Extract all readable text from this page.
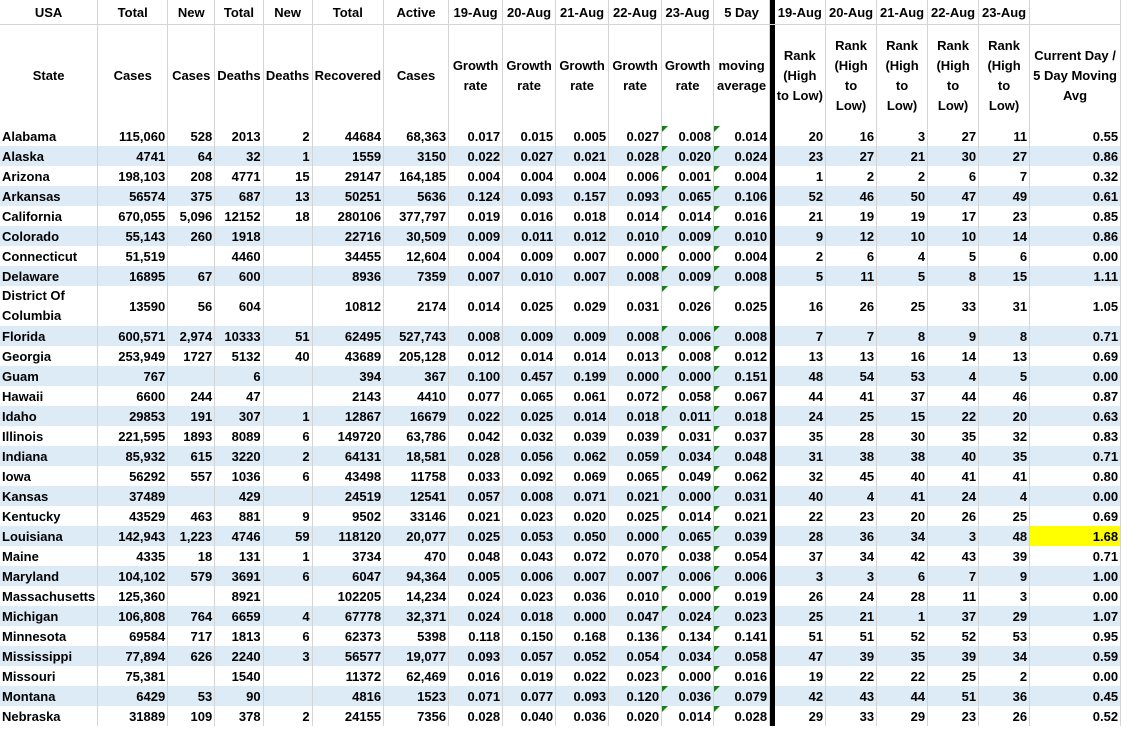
USA	Total	New	Total	New	Total	Active	19-Aug	20-Aug	21-Aug	22-Aug	23-Aug	5 Day		19-Aug	20-Aug	21-Aug	22-Aug	23-Aug	
State	Cases	Cases	Deaths	Deaths	Recovered	Cases	Growth rate	Growth rate	Growth rate	Growth rate	Growth rate	moving average		Rank (High to Low)	Rank (High to Low)	Rank (High to Low)	Rank (High to Low)	Rank (High to Low)	Current Day / 5 Day Moving Avg
Alabama	115,060	528	2013	2	44684	68,363	0.017	0.015	0.005	0.027	0.008	0.014		20	16	3	27	11	0.55
Alaska	4741	64	32	1	1559	3150	0.022	0.027	0.021	0.028	0.020	0.024		23	27	21	30	27	0.86
Arizona	198,103	208	4771	15	29147	164,185	0.004	0.004	0.004	0.006	0.001	0.004		1	2	2	6	7	0.32
Arkansas	56574	375	687	13	50251	5636	0.124	0.093	0.157	0.093	0.065	0.106		52	46	50	47	49	0.61
California	670,055	5,096	12152	18	280106	377,797	0.019	0.016	0.018	0.014	0.014	0.016		21	19	19	17	23	0.85
Colorado	55,143	260	1918		22716	30,509	0.009	0.011	0.012	0.010	0.009	0.010		9	12	10	10	14	0.86
Connecticut	51,519		4460		34455	12,604	0.004	0.009	0.007	0.000	0.000	0.004		2	6	4	5	6	0.00
Delaware	16895	67	600		8936	7359	0.007	0.010	0.007	0.008	0.009	0.008		5	11	5	8	15	1.11
District Of Columbia	13590	56	604		10812	2174	0.014	0.025	0.029	0.031	0.026	0.025		16	26	25	33	31	1.05
Florida	600,571	2,974	10333	51	62495	527,743	0.008	0.009	0.009	0.008	0.006	0.008		7	7	8	9	8	0.71
Georgia	253,949	1727	5132	40	43689	205,128	0.012	0.014	0.014	0.013	0.008	0.012		13	13	16	14	13	0.69
Guam	767		6		394	367	0.100	0.457	0.199	0.000	0.000	0.151		48	54	53	4	5	0.00
Hawaii	6600	244	47		2143	4410	0.077	0.065	0.061	0.072	0.058	0.067		44	41	37	44	46	0.87
Idaho	29853	191	307	1	12867	16679	0.022	0.025	0.014	0.018	0.011	0.018		24	25	15	22	20	0.63
Illinois	221,595	1893	8089	6	149720	63,786	0.042	0.032	0.039	0.039	0.031	0.037		35	28	30	35	32	0.83
Indiana	85,932	615	3220	2	64131	18,581	0.028	0.056	0.062	0.059	0.034	0.048		31	38	38	40	35	0.71
Iowa	56292	557	1036	6	43498	11758	0.033	0.092	0.069	0.065	0.049	0.062		32	45	40	41	41	0.80
Kansas	37489		429		24519	12541	0.057	0.008	0.071	0.021	0.000	0.031		40	4	41	24	4	0.00
Kentucky	43529	463	881	9	9502	33146	0.021	0.023	0.020	0.025	0.014	0.021		22	23	20	26	25	0.69
Louisiana	142,943	1,223	4746	59	118120	20,077	0.025	0.053	0.050	0.000	0.065	0.039		28	36	34	3	48	1.68
Maine	4335	18	131	1	3734	470	0.048	0.043	0.072	0.070	0.038	0.054		37	34	42	43	39	0.71
Maryland	104,102	579	3691	6	6047	94,364	0.005	0.006	0.007	0.007	0.006	0.006		3	3	6	7	9	1.00
Massachusetts	125,360		8921		102205	14,234	0.024	0.023	0.036	0.010	0.000	0.019		26	24	28	11	3	0.00
Michigan	106,808	764	6659	4	67778	32,371	0.024	0.018	0.000	0.047	0.024	0.023		25	21	1	37	29	1.07
Minnesota	69584	717	1813	6	62373	5398	0.118	0.150	0.168	0.136	0.134	0.141		51	51	52	52	53	0.95
Mississippi	77,894	626	2240	3	56577	19,077	0.093	0.057	0.052	0.054	0.034	0.058		47	39	35	39	34	0.59
Missouri	75,381		1540		11372	62,469	0.016	0.019	0.022	0.023	0.000	0.016		19	22	22	25	2	0.00
Montana	6429	53	90		4816	1523	0.071	0.077	0.093	0.120	0.036	0.079		42	43	44	51	36	0.45
Nebraska	31889	109	378	2	24155	7356	0.028	0.040	0.036	0.020	0.014	0.028		29	33	29	23	26	0.52
